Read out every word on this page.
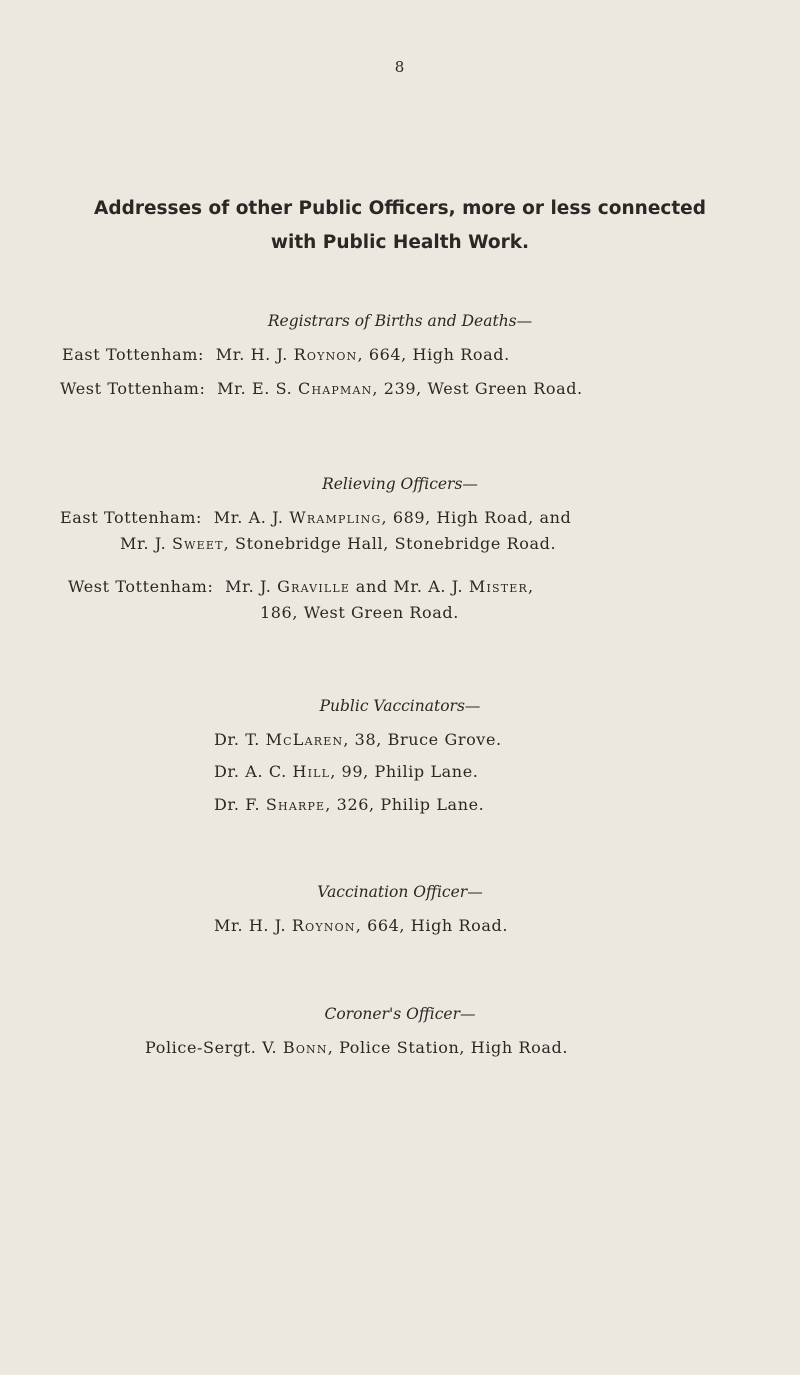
8
Addresses of other Public Officers, more or less connected
with Public Health Work.
Registrars of Births and Deaths—
East Tottenham: Mr. H. J. Roynon, 664, High Road.
West Tottenham: Mr. E. S. Chapman, 239, West Green Road.
Relieving Officers—
East Tottenham: Mr. A. J. Wrampling, 689, High Road, and
Mr. J. Sweet, Stonebridge Hall, Stonebridge Road.
West Tottenham: Mr. J. Graville and Mr. A. J. Mister,
186, West Green Road.
Public Vaccinators—
Dr. T. McLaren, 38, Bruce Grove.
Dr. A. C. Hill, 99, Philip Lane.
Dr. F. Sharpe, 326, Philip Lane.
Vaccination Officer—
Mr. H. J. Roynon, 664, High Road.
Coroner's Officer—
Police-Sergt. V. Bonn, Police Station, High Road.
